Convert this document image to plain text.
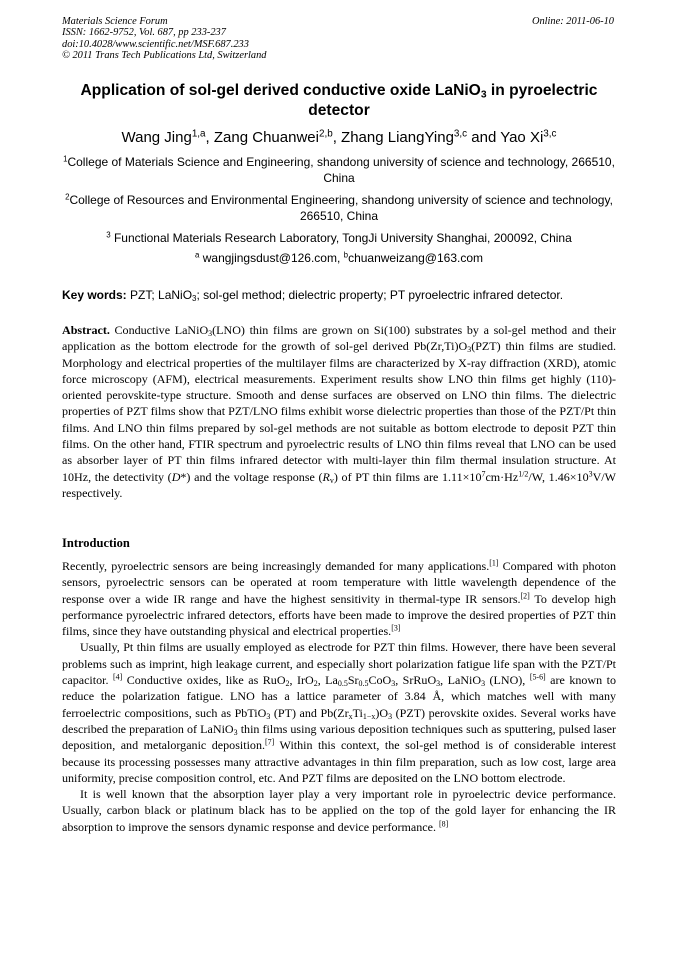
Materials Science Forum
ISSN: 1662-9752, Vol. 687, pp 233-237
doi:10.4028/www.scientific.net/MSF.687.233
© 2011 Trans Tech Publications Ltd, Switzerland
Online: 2011-06-10
Application of sol-gel derived conductive oxide LaNiO$_3$ in pyroelectric detector
Wang Jing$^{1,a}$, Zang Chuanwei$^{2,b}$, Zhang LiangYing$^{3,c}$ and Yao Xi$^{3,c}$
$^1$College of Materials Science and Engineering, shandong university of science and technology, 266510, China
$^2$College of Resources and Environmental Engineering, shandong university of science and technology, 266510, China
$^3$ Functional Materials Research Laboratory, TongJi University Shanghai, 200092, China
$^a$ wangjingsdust@126.com, $^b$chuanweizang@163.com
Key words: PZT; LaNiO$_3$; sol-gel method; dielectric property; PT pyroelectric infrared detector.
Abstract. Conductive LaNiO$_3$(LNO) thin films are grown on Si(100) substrates by a sol-gel method and their application as the bottom electrode for the growth of sol-gel derived $Pb(Zr,Ti)O_3(PZT)$ thin films are studied. Morphology and electrical properties of the multilayer films are characterized by X-ray diffraction (XRD), atomic force microscopy (AFM), electrical measurements. Experiment results show LNO thin films get highly (110)-oriented perovskite-type structure. Smooth and dense surfaces are observed on LNO thin films. The dielectric properties of PZT films show that PZT/LNO films exhibit worse dielectric properties than those of the PZT/Pt thin films. And LNO thin films prepared by sol-gel methods are not suitable as bottom electrode to deposit PZT thin films. On the other hand, FTIR spectrum and pyroelectric results of LNO thin films reveal that LNO can be used as absorber layer of PT thin films infrared detector with multi-layer thin film thermal insulation structure. At 10Hz, the detectivity (D*) and the voltage response $(R_v)$ of PT thin films are $1.11\times 10^7cm\cdot Hz^{1/2}/W$, $1.46\times 10^3V/W$ respectively.
Introduction

Recently, pyroelectric sensors are being increasingly demanded for many applications.[1] Compared with photon sensors, pyroelectric sensors can be operated at room temperature with little wavelength dependence of the response over a wide IR range and have the highest sensitivity in thermal-type IR sensors.[2] To develop high performance pyroelectric infrared detectors, efforts have been made to improve the desired properties of PZT thin films, since they have outstanding physical and electrical properties.[3]

Usually, Pt thin films are usually employed as electrode for PZT thin films. However, there have been several problems such as imprint, high leakage current, and especially short polarization fatigue life span with the PZT/Pt capacitor. [4] Conductive oxides, like as RuO$_2$, IrO$_2$, $La_{0.5}Sr_{0.5}CoO_3$, SrRuO$_3$, LaNiO$_3$ (LNO), [5-6] are known to reduce the polarization fatigue. LNO has a lattice parameter of 3.84 Å, which matches well with many ferroelectric compositions, such as PbTiO$_3$ (PT) and $Pb(Zr_xTi_{1-x})O_3$ (PZT) perovskite oxides. Several works have described the preparation of LaNiO$_3$ thin films using various deposition techniques such as sputtering, pulsed laser deposition, and metalorganic deposition.[7] Within this context, the sol-gel method is of considerable interest because its processing possesses many attractive advantages in thin film preparation, such as low cost, large area uniformity, precise composition control, etc. And PZT films are deposited on the LNO bottom electrode.

It is well known that the absorption layer play a very important role in pyroelectric device performance. Usually, carbon black or platinum black has to be applied on the top of the gold layer for enhancing the IR absorption to improve the sensors dynamic response and device performance. [8]
